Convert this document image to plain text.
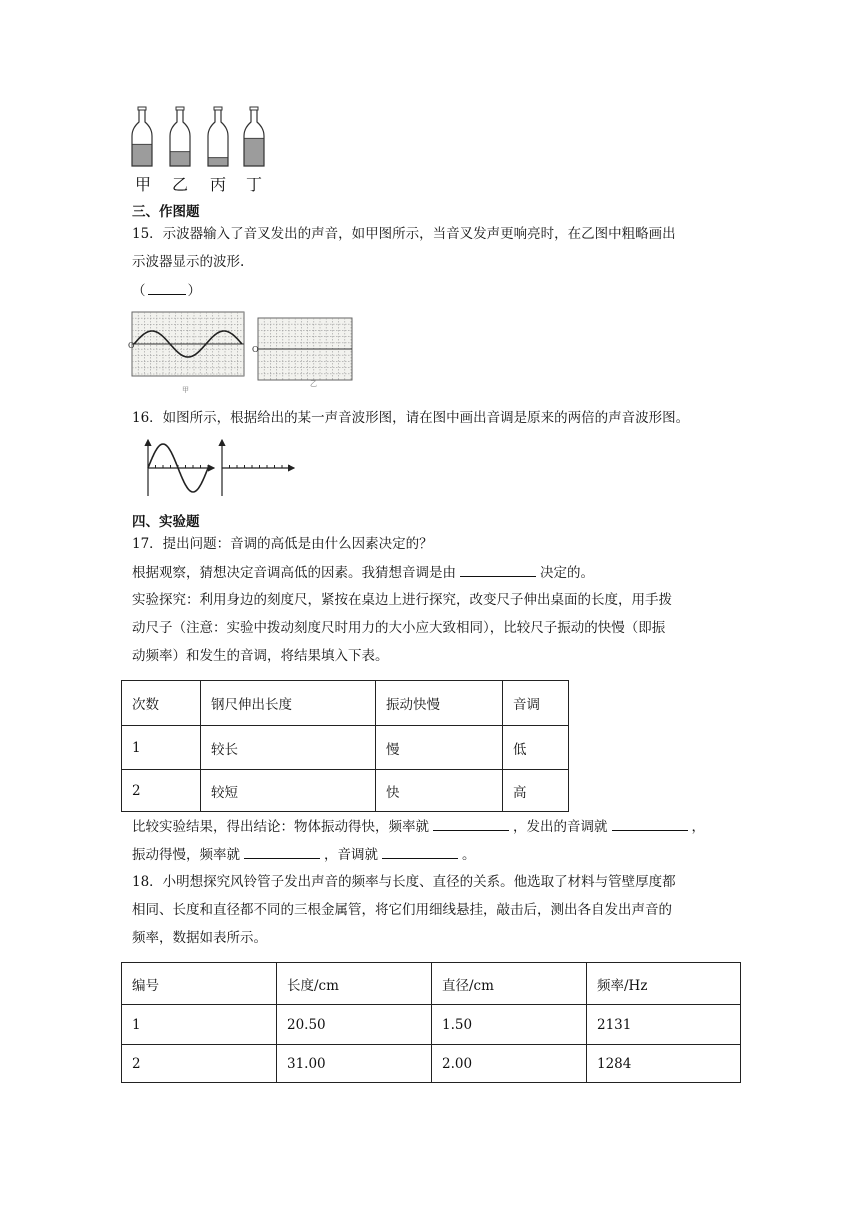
甲 乙 丙 丁
三、作图题
15．示波器输入了音叉发出的声音，如甲图所示，当音叉发声更响亮时，在乙图中粗略画出
示波器显示的波形.
（	）
O
甲
O
乙
16．如图所示，根据给出的某一声音波形图，请在图中画出音调是原来的两倍的声音波形图。
四、实验题
17．提出问题：音调的高低是由什么因素决定的？
根据观察，猜想决定音调高低的因素。我猜想音调是由	决定的。
实验探究：利用身边的刻度尺，紧按在桌边上进行探究，改变尺子伸出桌面的长度，用手拨
动尺子（注意：实验中拨动刻度尺时用力的大小应大致相同），比较尺子振动的快慢（即振
动频率）和发生的音调，将结果填入下表。
次数	钢尺伸出长度	振动快慢	音调
1	较长	慢	低
2	较短	快	高
比较实验结果，得出结论：物体振动得快，频率就	，发出的音调就	，
振动得慢，频率就	，音调就	。
18．小明想探究风铃管子发出声音的频率与长度、直径的关系。他选取了材料与管壁厚度都
相同、长度和直径都不同的三根金属管，将它们用细线悬挂，敲击后，测出各自发出声音的
频率，数据如表所示。
编号	长度/cm	直径/cm	频率/Hz
1	20.50	1.50	2131
2	31.00	2.00	1284
